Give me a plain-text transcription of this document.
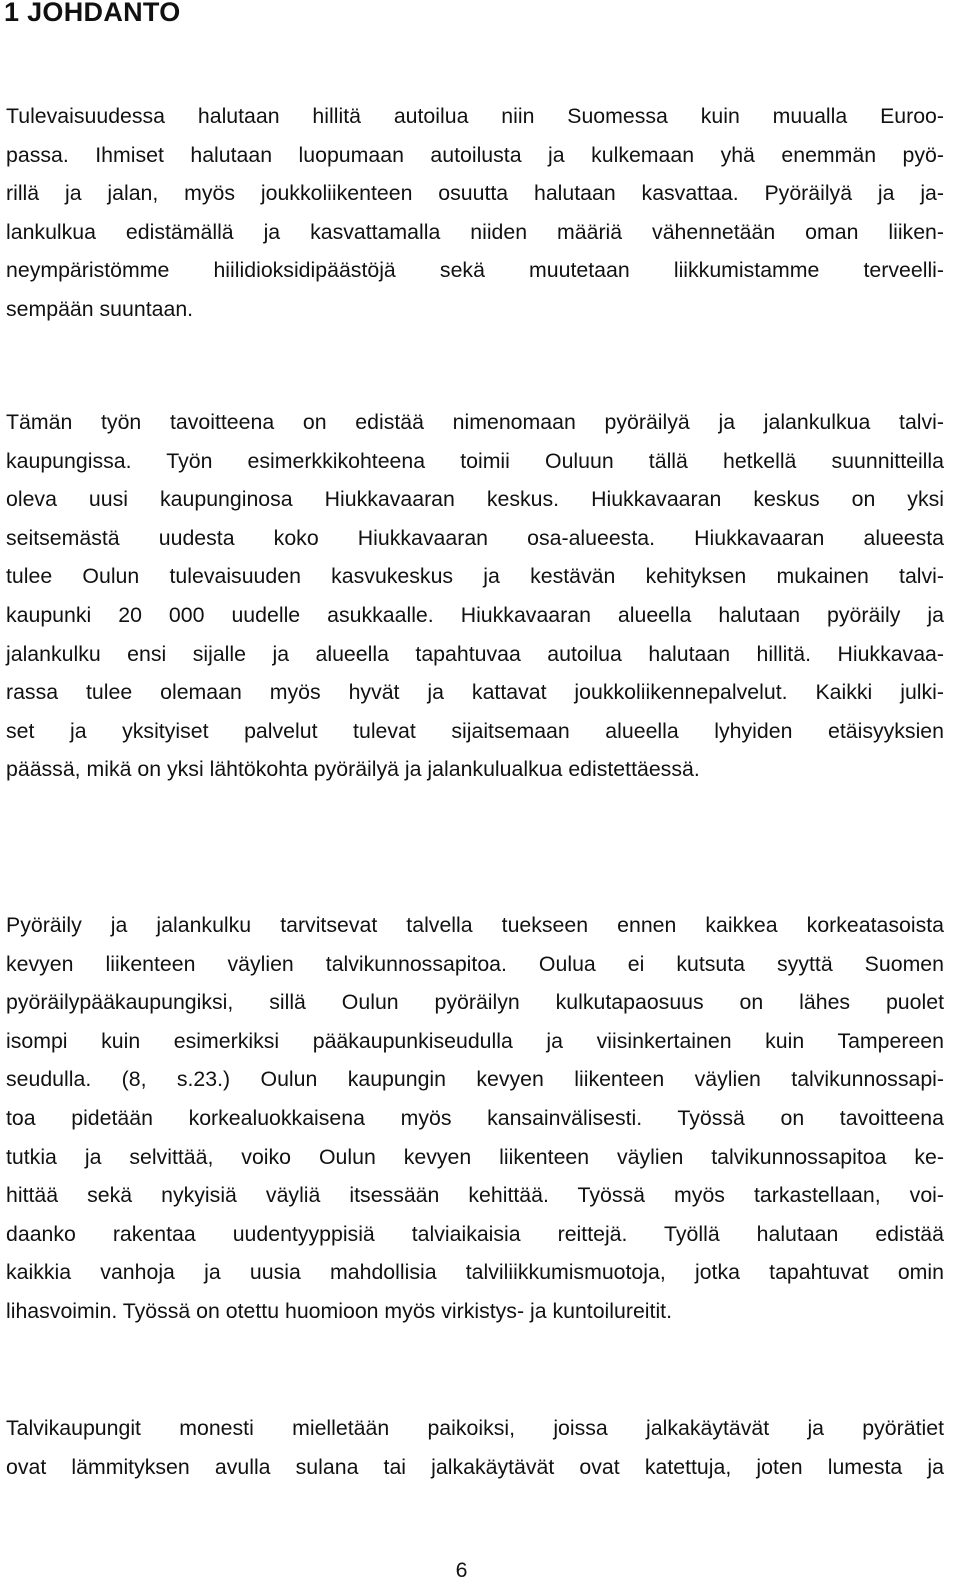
1 JOHDANTO
Tulevaisuudessa halutaan hillitä autoilua niin Suomessa kuin muualla Euroo-
passa. Ihmiset halutaan luopumaan autoilusta ja kulkemaan yhä enemmän pyö-
rillä ja jalan, myös joukkoliikenteen osuutta halutaan kasvattaa. Pyöräilyä ja ja-
lankulkua edistämällä ja kasvattamalla niiden määriä vähennetään oman liiken-
neympäristömme hiilidioksidipäästöjä sekä muutetaan liikkumistamme terveelli-
sempään suuntaan.
Tämän työn tavoitteena on edistää nimenomaan pyöräilyä ja jalankulkua talvi-
kaupungissa. Työn esimerkkikohteena toimii Ouluun tällä hetkellä suunnitteilla
oleva uusi kaupunginosa Hiukkavaaran keskus. Hiukkavaaran keskus on yksi
seitsemästä uudesta koko Hiukkavaaran osa-alueesta. Hiukkavaaran alueesta
tulee Oulun tulevaisuuden kasvukeskus ja kestävän kehityksen mukainen talvi-
kaupunki 20 000 uudelle asukkaalle. Hiukkavaaran alueella halutaan pyöräily ja
jalankulku ensi sijalle ja alueella tapahtuvaa autoilua halutaan hillitä. Hiukkavaa-
rassa tulee olemaan myös hyvät ja kattavat joukkoliikennepalvelut. Kaikki julki-
set ja yksityiset palvelut tulevat sijaitsemaan alueella lyhyiden etäisyyksien
päässä, mikä on yksi lähtökohta pyöräilyä ja jalankulualkua edistettäessä.
Pyöräily ja jalankulku tarvitsevat talvella tuekseen ennen kaikkea korkeatasoista
kevyen liikenteen väylien talvikunnossapitoa. Oulua ei kutsuta syyttä Suomen
pyöräilypääkaupungiksi, sillä Oulun pyöräilyn kulkutapaosuus on lähes puolet
isompi kuin esimerkiksi pääkaupunkiseudulla ja viisinkertainen kuin Tampereen
seudulla. (8, s.23.) Oulun kaupungin kevyen liikenteen väylien talvikunnossapi-
toa pidetään korkealuokkaisena myös kansainvälisesti. Työssä on tavoitteena
tutkia ja selvittää, voiko Oulun kevyen liikenteen väylien talvikunnossapitoa ke-
hittää sekä nykyisiä väyliä itsessään kehittää. Työssä myös tarkastellaan, voi-
daanko rakentaa uudentyyppisiä talviaikaisia reittejä. Työllä halutaan edistää
kaikkia vanhoja ja uusia mahdollisia talviliikkumismuotoja, jotka tapahtuvat omin
lihasvoimin. Työssä on otettu huomioon myös virkistys- ja kuntoilureitit.
Talvikaupungit monesti mielletään paikoiksi, joissa jalkakäytävät ja pyörätiet
ovat lämmityksen avulla sulana tai jalkakäytävät ovat katettuja, joten lumesta ja
6
